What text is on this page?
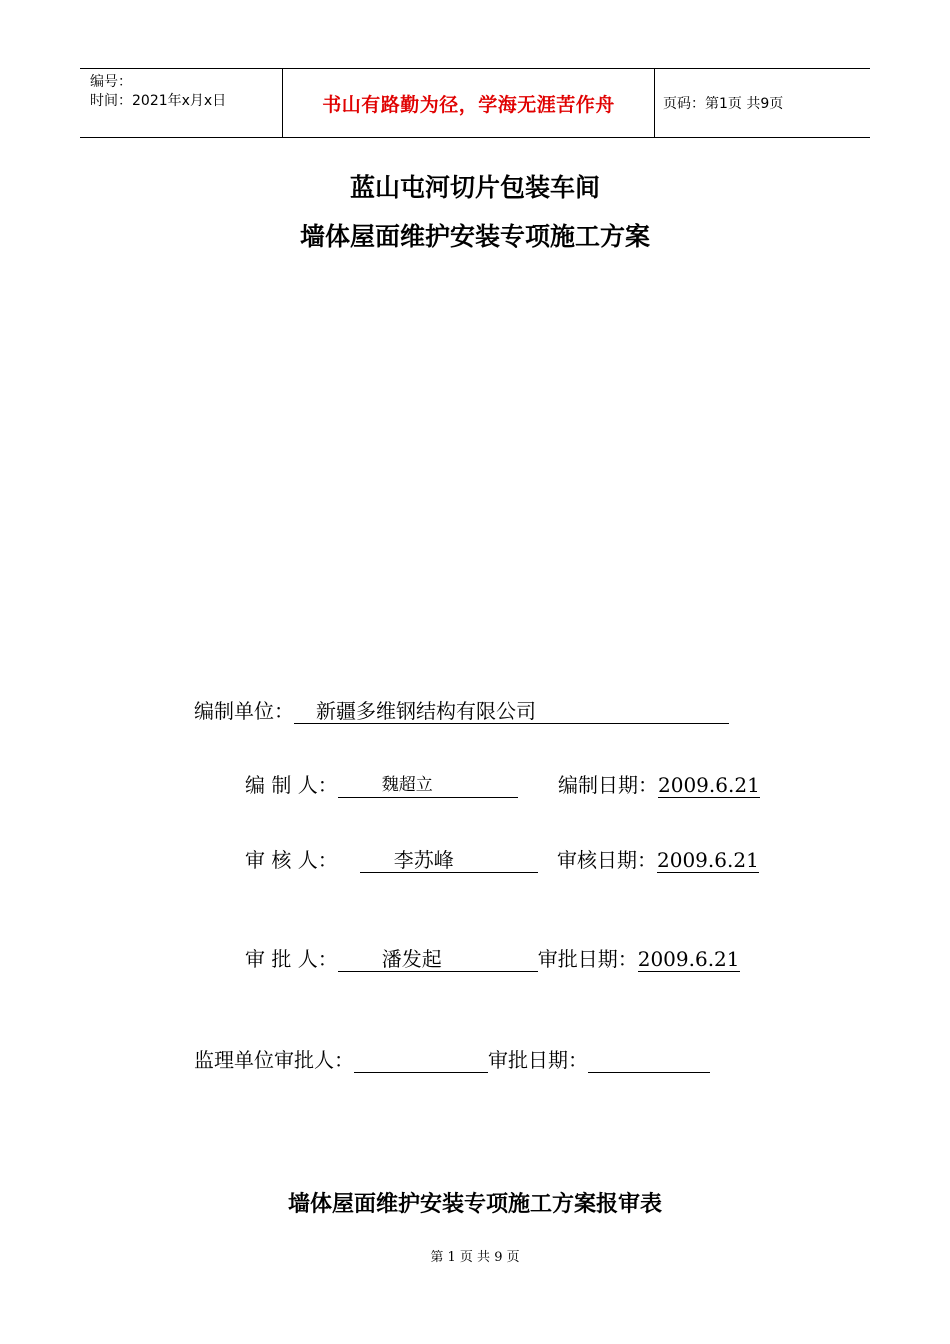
编号：
时间：2021年x月x日	书山有路勤为径，学海无涯苦作舟	页码：第1页 共9页
蓝山屯河切片包装车间
墙体屋面维护安装专项施工方案
编制单位： 新疆多维钢结构有限公司
编 制 人：	魏超立	编制日期：2009.6.21
审 核 人：	李苏峰	审核日期：2009.6.21
审 批 人： 潘发起	审批日期：2009.6.21
监理单位审批人：	审批日期：
墙体屋面维护安装专项施工方案报审表
第 1 页 共 9 页
